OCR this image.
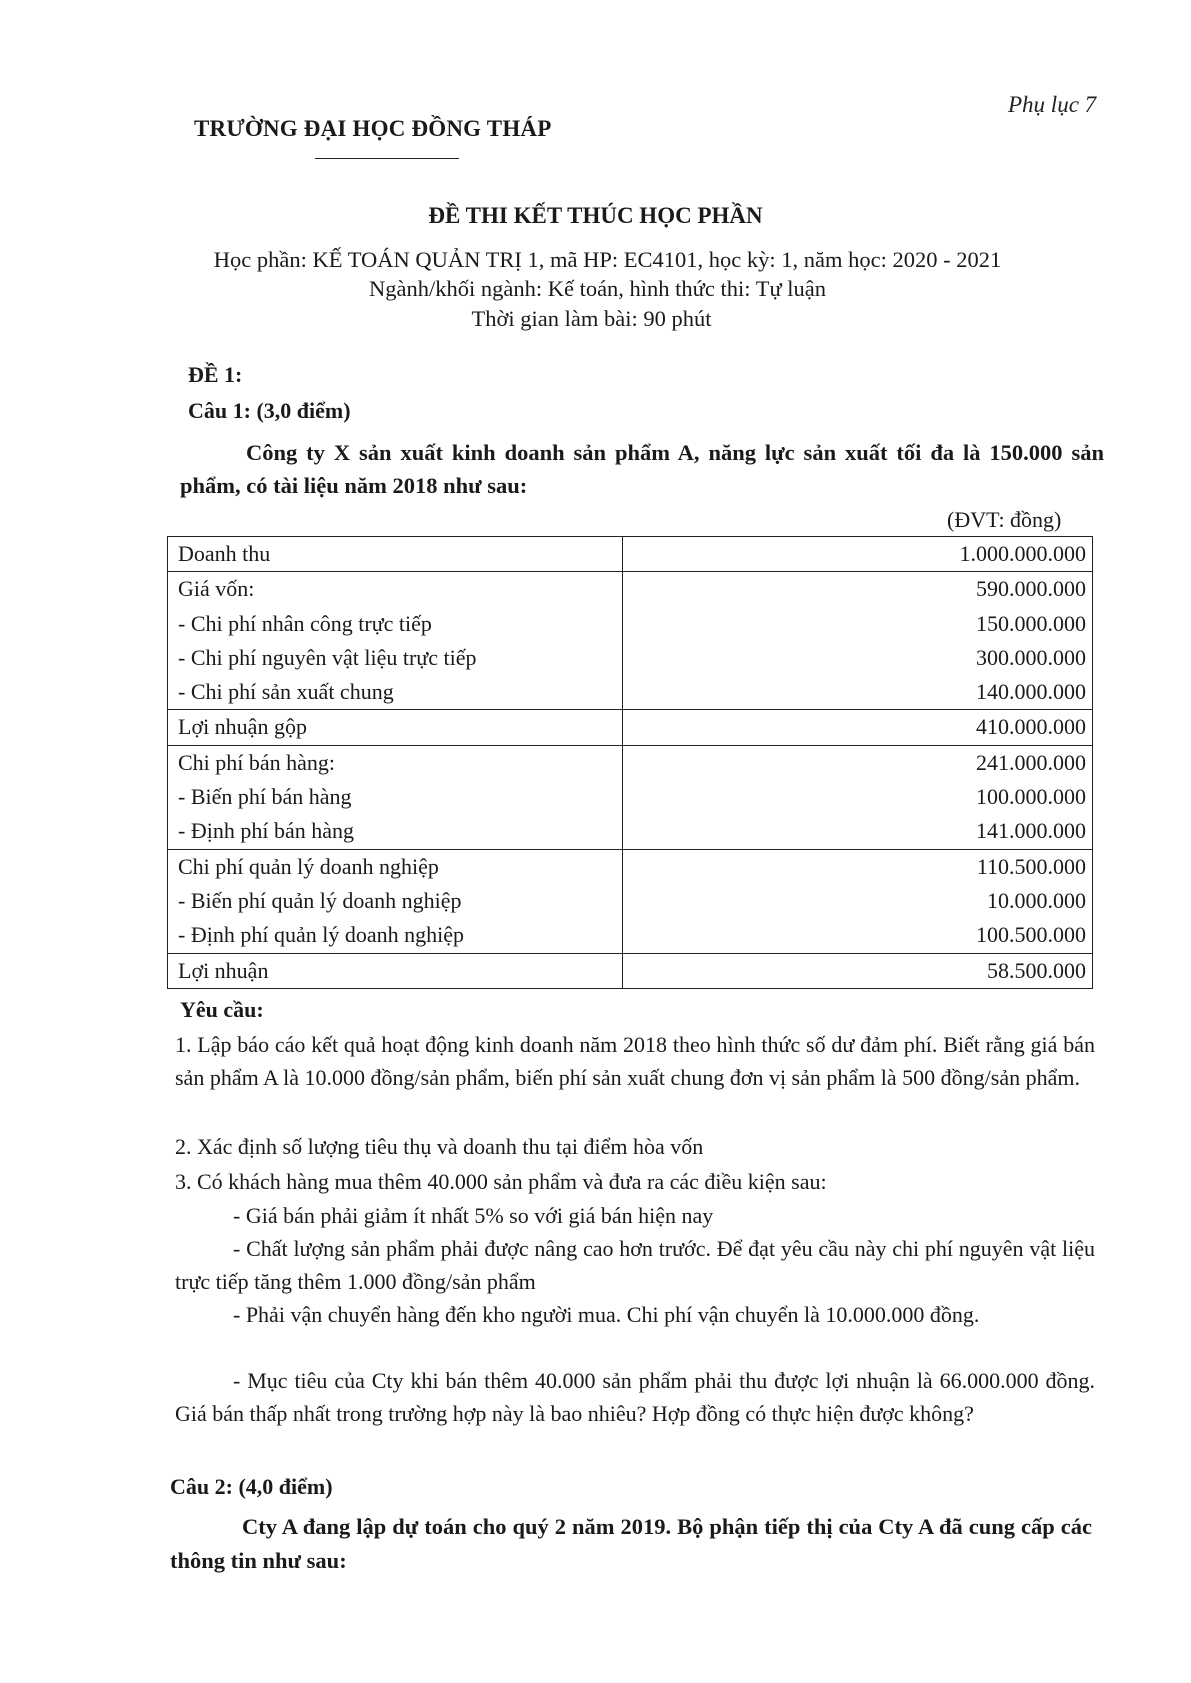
Phụ lục 7
TRƯỜNG ĐẠI HỌC ĐỒNG THÁP
ĐỀ THI KẾT THÚC HỌC PHẦN
Học phần: KẾ TOÁN QUẢN TRỊ 1, mã HP: EC4101, học kỳ: 1, năm học: 2020 - 2021
Ngành/khối ngành: Kế toán, hình thức thi: Tự luận
Thời gian làm bài: 90 phút
ĐỀ 1:
Câu 1: (3,0 điểm)
Công ty X sản xuất kinh doanh sản phẩm A, năng lực sản xuất tối đa là 150.000 sản phẩm, có tài liệu năm 2018 như sau:
(ĐVT: đồng)
Doanh thu	1.000.000.000
Giá vốn:	590.000.000
- Chi phí nhân công trực tiếp	150.000.000
- Chi phí nguyên vật liệu trực tiếp	300.000.000
- Chi phí sản xuất chung	140.000.000
Lợi nhuận gộp	410.000.000
Chi phí bán hàng:	241.000.000
- Biến phí bán hàng	100.000.000
- Định phí bán hàng	141.000.000
Chi phí quản lý doanh nghiệp	110.500.000
- Biến phí quản lý doanh nghiệp	10.000.000
- Định phí quản lý doanh nghiệp	100.500.000
Lợi nhuận	58.500.000
Yêu cầu:
1. Lập báo cáo kết quả hoạt động kinh doanh năm 2018 theo hình thức số dư đảm phí. Biết rằng giá bán sản phẩm A là 10.000 đồng/sản phẩm, biến phí sản xuất chung đơn vị sản phẩm là 500 đồng/sản phẩm.
2. Xác định số lượng tiêu thụ và doanh thu tại điểm hòa vốn
3. Có khách hàng mua thêm 40.000 sản phẩm và đưa ra các điều kiện sau:
- Giá bán phải giảm ít nhất 5% so với giá bán hiện nay
- Chất lượng sản phẩm phải được nâng cao hơn trước. Để đạt yêu cầu này chi phí nguyên vật liệu trực tiếp tăng thêm 1.000 đồng/sản phẩm
- Phải vận chuyển hàng đến kho người mua. Chi phí vận chuyển là 10.000.000 đồng.
- Mục tiêu của Cty khi bán thêm 40.000 sản phẩm phải thu được lợi nhuận là 66.000.000 đồng. Giá bán thấp nhất trong trường hợp này là bao nhiêu? Hợp đồng có thực hiện được không?
Câu 2: (4,0 điểm)
Cty A đang lập dự toán cho quý 2 năm 2019. Bộ phận tiếp thị của Cty A đã cung cấp các thông tin như sau:
